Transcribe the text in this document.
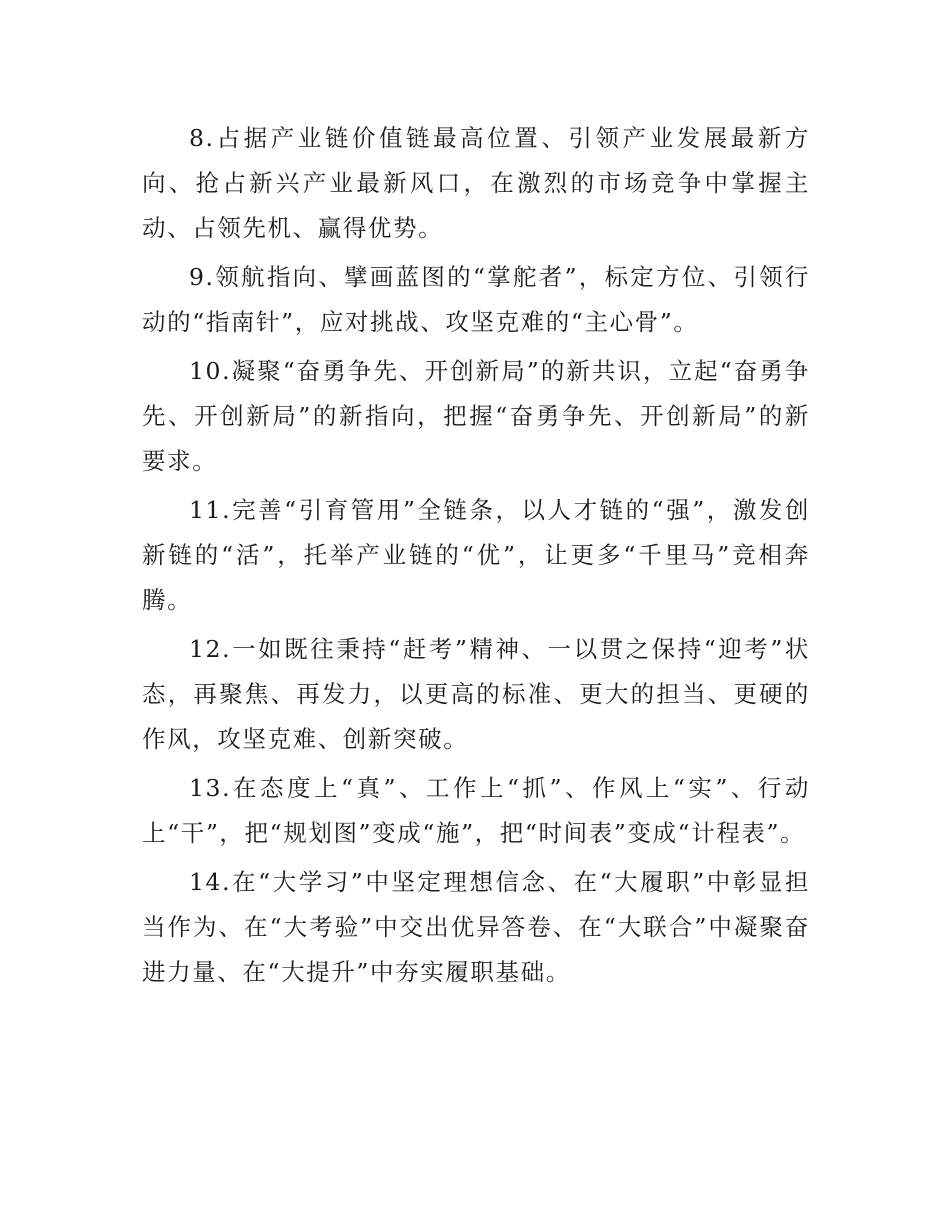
8.占据产业链价值链最高位置、引领产业发展最新方向、抢占新兴产业最新风口，在激烈的市场竞争中掌握主动、占领先机、赢得优势。

9.领航指向、擘画蓝图的“掌舵者”，标定方位、引领行动的“指南针”，应对挑战、攻坚克难的“主心骨”。

10.凝聚“奋勇争先、开创新局”的新共识，立起“奋勇争先、开创新局”的新指向，把握“奋勇争先、开创新局”的新要求。

11.完善“引育管用”全链条，以人才链的“强”，激发创新链的“活”，托举产业链的“优”，让更多“千里马”竞相奔腾。

12.一如既往秉持“赶考”精神、一以贯之保持“迎考”状态，再聚焦、再发力，以更高的标准、更大的担当、更硬的作风，攻坚克难、创新突破。

13.在态度上“真”、工作上“抓”、作风上“实”、行动上“干”，把“规划图”变成“施”，把“时间表”变成“计程表”。

14.在“大学习”中坚定理想信念、在“大履职”中彰显担当作为、在“大考验”中交出优异答卷、在“大联合”中凝聚奋进力量、在“大提升”中夯实履职基础。
